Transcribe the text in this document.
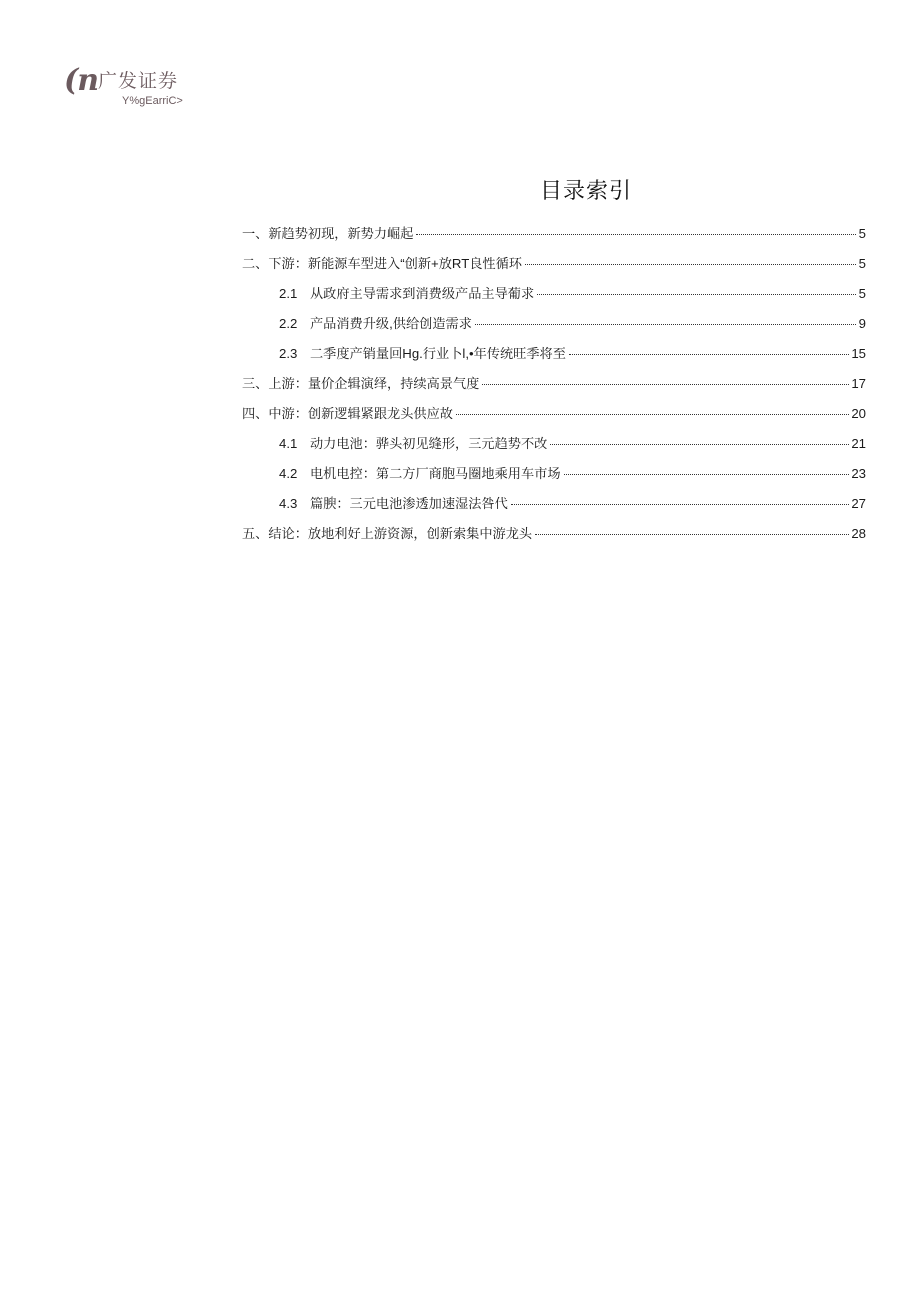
(n 广发证券
Y%gEarriC>
目录索引
一、新趋势初现，新势力崛起	5
二、下游：新能源车型进入“创新+放RT良性循环	5
2.1 从政府主导需求到消费级产品主导葡求	5
2.2 产品消费升级,供给创造需求	9
2.3 二季度产销量回Hg.行业卜l,•年传统旺季将至	15
三、上游：量价企辑演绎，持续高景气度	17
四、中游：创新逻辑紧跟龙头供应故	20
4.1 动力电池：骅头初见缝形，三元趋势不改	21
4.2 电机电控：第二方厂商胞马圈地乘用车市场	23
4.3 篇腴：三元电池渗透加速湿法咎代	27
五、结论：放地利好上游资源，创新索集中游龙头	28
